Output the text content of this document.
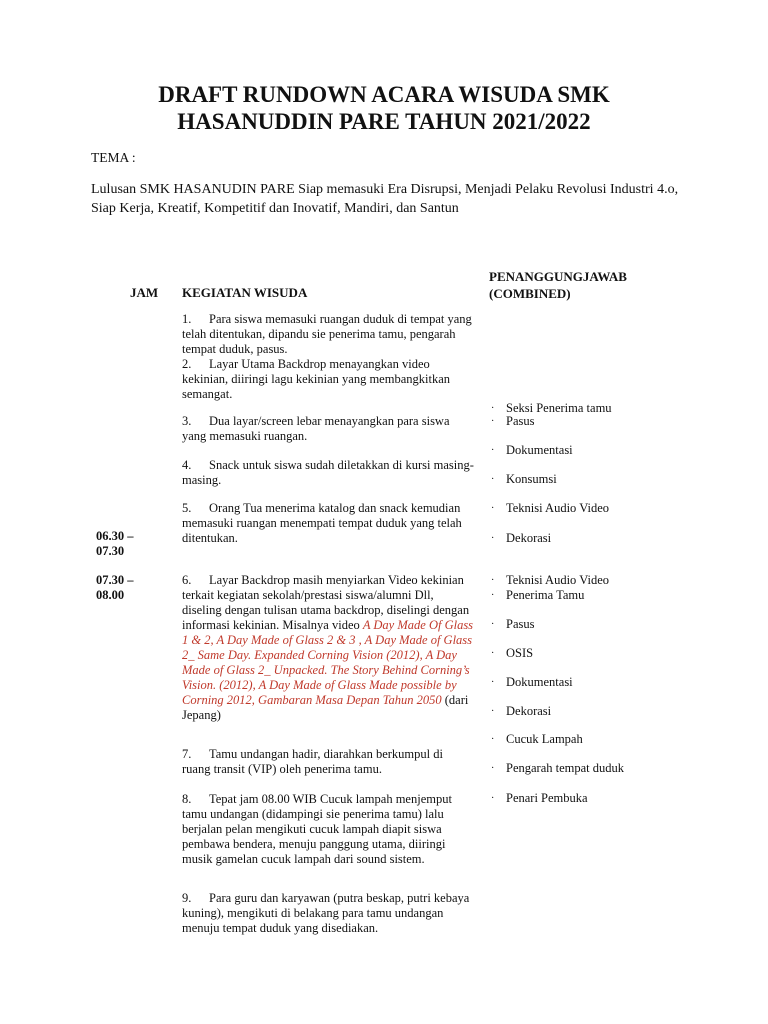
DRAFT RUNDOWN ACARA WISUDA SMK
HASANUDDIN PARE TAHUN 2021/2022
TEMA :
Lulusan SMK HASANUDIN PARE Siap memasuki Era Disrupsi, Menjadi Pelaku Revolusi Industri 4.o, Siap Kerja, Kreatif, Kompetitif dan Inovatif, Mandiri, dan Santun
JAM KEGIATAN WISUDA
PENANGGUNGJAWAB
(COMBINED)
06.30 –
07.30
07.30 –
08.00
1. Para siswa memasuki ruangan duduk di tempat yang telah ditentukan, dipandu sie penerima tamu, pengarah tempat duduk, pasus.
2. Layar Utama Backdrop menayangkan video kekinian, diiringi lagu kekinian yang membangkitkan semangat.
3. Dua layar/screen lebar menayangkan para siswa yang memasuki ruangan.
4. Snack untuk siswa sudah diletakkan di kursi masing-masing.
5. Orang Tua menerima katalog dan snack kemudian memasuki ruangan menempati tempat duduk yang telah ditentukan.
6. Layar Backdrop masih menyiarkan Video kekinian terkait kegiatan sekolah/prestasi siswa/alumni Dll, diseling dengan tulisan utama backdrop, diselingi dengan informasi kekinian. Misalnya video A Day Made Of Glass 1 & 2, A Day Made of Glass 2 & 3 , A Day Made of Glass 2_ Same Day. Expanded Corning Vision (2012), A Day Made of Glass 2_ Unpacked. The Story Behind Corning’s Vision. (2012), A Day Made of Glass Made possible by Corning 2012, Gambaran Masa Depan Tahun 2050 (dari Jepang)
7. Tamu undangan hadir, diarahkan berkumpul di ruang transit (VIP) oleh penerima tamu.
8. Tepat jam 08.00 WIB Cucuk lampah menjemput tamu undangan (didampingi sie penerima tamu) lalu berjalan pelan mengikuti cucuk lampah diapit siswa pembawa bendera, menuju panggung utama, diiringi musik gamelan cucuk lampah dari sound sistem.
9. Para guru dan karyawan (putra beskap, putri kebaya kuning), mengikuti di belakang para tamu undangan menuju tempat duduk yang disediakan.
· Seksi Penerima tamu
· Pasus
· Dokumentasi
· Konsumsi
· Teknisi Audio Video
· Dekorasi
· Teknisi Audio Video
· Penerima Tamu
· Pasus
· OSIS
· Dokumentasi
· Dekorasi
· Cucuk Lampah
· Pengarah tempat duduk
· Penari Pembuka
